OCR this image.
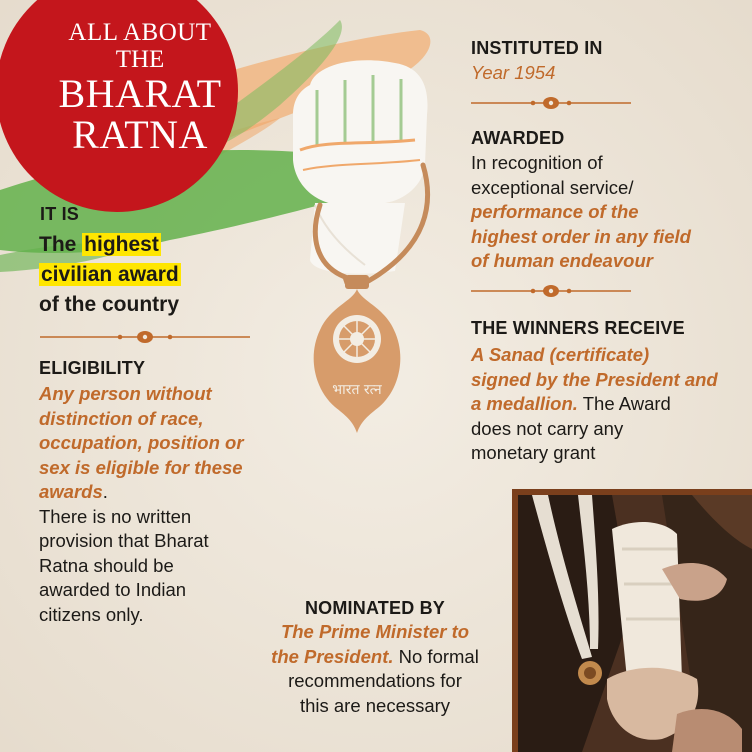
ALL ABOUT
THE
BHARAT
RATNA
भारत रत्न
IT IS
The highest
civilian award
of the country
ELIGIBILITY
Any person without
distinction of race,
occupation, position or
sex is eligible for these
awards.
There is no written
provision that Bharat
Ratna should be
awarded to Indian
citizens only.
INSTITUTED IN
Year 1954
AWARDED
In recognition of
exceptional service/
performance of the
highest order in any field
of human endeavour
THE WINNERS RECEIVE
A Sanad (certificate)
signed by the President and
a medallion. The Award
does not carry any
monetary grant
NOMINATED BY
The Prime Minister to
the President. No formal
recommendations for
this are necessary
